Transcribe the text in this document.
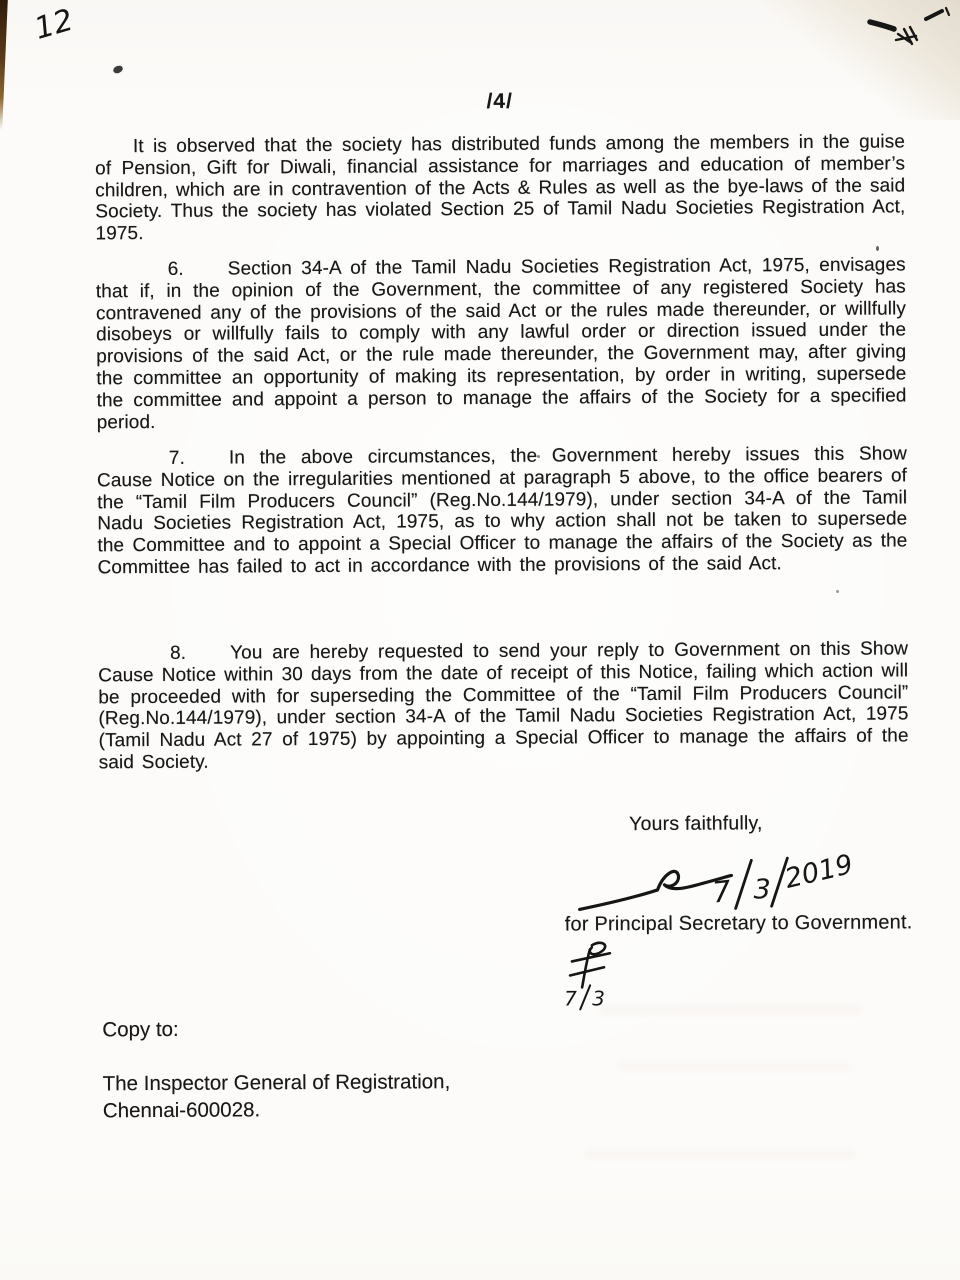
12
/4/
It is observed that the society has distributed funds among the members in the guise of Pension, Gift for Diwali, financial assistance for marriages and education of member’s children, which are in contravention of the Acts & Rules as well as the bye-laws of the said Society. Thus the society has violated Section 25 of Tamil Nadu Societies Registration Act, 1975.
6. Section 34-A of the Tamil Nadu Societies Registration Act, 1975, envisages that if, in the opinion of the Government, the committee of any registered Society has contravened any of the provisions of the said Act or the rules made thereunder, or willfully disobeys or willfully fails to comply with any lawful order or direction issued under the provisions of the said Act, or the rule made thereunder, the Government may, after giving the committee an opportunity of making its representation, by order in writing, supersede the committee and appoint a person to manage the affairs of the Society for a specified period.
7. In the above circumstances, the Government hereby issues this Show Cause Notice on the irregularities mentioned at paragraph 5 above, to the office bearers of the “Tamil Film Producers Council” (Reg.No.144/1979), under section 34-A of the Tamil Nadu Societies Registration Act, 1975, as to why action shall not be taken to supersede the Committee and to appoint a Special Officer to manage the affairs of the Society as the Committee has failed to act in accordance with the provisions of the said Act.
8. You are hereby requested to send your reply to Government on this Show Cause Notice within 30 days from the date of receipt of this Notice, failing which action will be proceeded with for superseding the Committee of the “Tamil Film Producers Council” (Reg.No.144/1979), under section 34-A of the Tamil Nadu Societies Registration Act, 1975 (Tamil Nadu Act 27 of 1975) by appointing a Special Officer to manage the affairs of the said Society.
Yours faithfully,
7 3 2019
for Principal Secretary to Government.
7 3
Copy to:
The Inspector General of Registration,
Chennai-600028.
